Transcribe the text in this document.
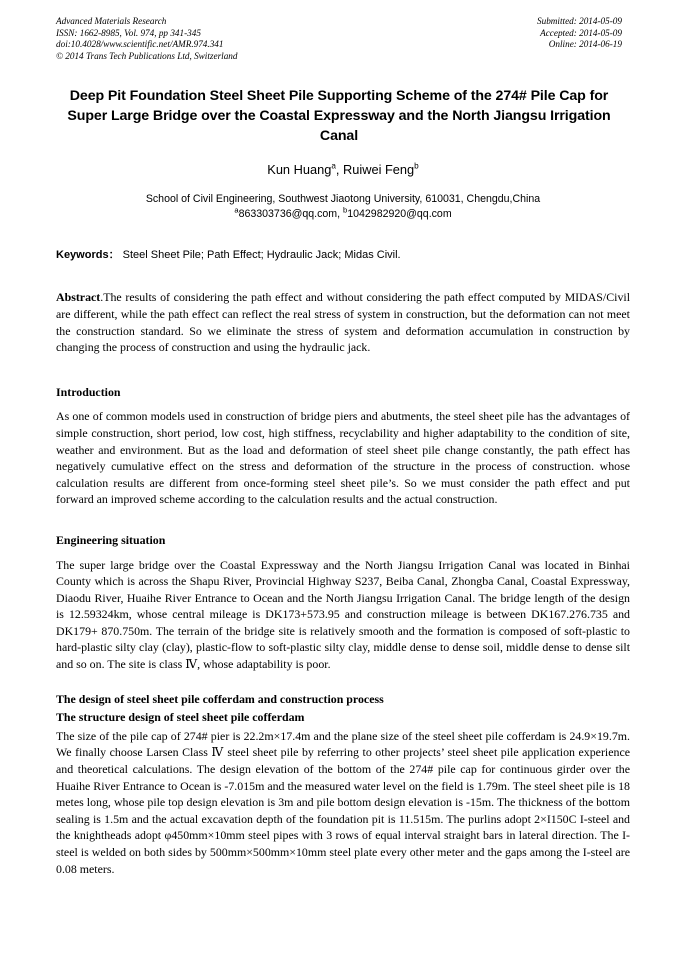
Advanced Materials Research
ISSN: 1662-8985, Vol. 974, pp 341-345
doi:10.4028/www.scientific.net/AMR.974.341
© 2014 Trans Tech Publications Ltd, Switzerland
Submitted: 2014-05-09
Accepted: 2014-05-09
Online: 2014-06-19
Deep Pit Foundation Steel Sheet Pile Supporting Scheme of the 274# Pile Cap for Super Large Bridge over the Coastal Expressway and the North Jiangsu Irrigation Canal
Kun Huang$^a$, Ruiwei Feng$^b$
School of Civil Engineering, Southwest Jiaotong University, 610031, Chengdu,China
$^a$863303736@qq.com, $^b$1042982920@qq.com
Keywords： Steel Sheet Pile; Path Effect; Hydraulic Jack; Midas Civil.

Abstract.The results of considering the path effect and without considering the path effect computed by MIDAS/Civil are different, while the path effect can reflect the real stress of system in construction, but the deformation can not meet the construction standard. So we eliminate the stress of system and deformation accumulation in construction by changing the process of construction and using the hydraulic jack.

Introduction

As one of common models used in construction of bridge piers and abutments, the steel sheet pile has the advantages of simple construction, short period, low cost, high stiffness, recyclability and higher adaptability to the condition of site, weather and environment. But as the load and deformation of steel sheet pile change constantly, the path effect has negatively cumulative effect on the stress and deformation of the structure in the process of construction. whose calculation results are different from once-forming steel sheet pile’s. So we must consider the path effect and put forward an improved scheme according to the calculation results and the actual construction.

Engineering situation

The super large bridge over the Coastal Expressway and the North Jiangsu Irrigation Canal was located in Binhai County which is across the Shapu River, Provincial Highway S237, Beiba Canal, Zhongba Canal, Coastal Expressway, Diaodu River, Huaihe River Entrance to Ocean and the North Jiangsu Irrigation Canal. The bridge length of the design is 12.59324km, whose central mileage is DK173+573.95 and construction mileage is between DK167.276.735 and DK179+ 870.750m. The terrain of the bridge site is relatively smooth and the formation is composed of soft-plastic to hard-plastic silty clay (clay), plastic-flow to soft-plastic silty clay, middle dense to dense soil, middle dense to dense silt and so on. The site is class Ⅳ, whose adaptability is poor.

The design of steel sheet pile cofferdam and construction process
The structure design of steel sheet pile cofferdam

The size of the pile cap of 274# pier is 22.2m×17.4m and the plane size of the steel sheet pile cofferdam is 24.9×19.7m. We finally choose Larsen Class Ⅳ steel sheet pile by referring to other projects’ steel sheet pile application experience and theoretical calculations. The design elevation of the bottom of the 274# pile cap for continuous girder over the Huaihe River Entrance to Ocean is -7.015m and the measured water level on the field is 1.79m. The steel sheet pile is 18 metes long, whose pile top design elevation is 3m and pile bottom design elevation is -15m. The thickness of the bottom sealing is 1.5m and the actual excavation depth of the foundation pit is 11.515m. The purlins adopt 2×I150C I-steel and the knightheads adopt φ450mm×10mm steel pipes with 3 rows of equal interval straight bars in lateral direction. The I-steel is welded on both sides by 500mm×500mm×10mm steel plate every other meter and the gaps among the I-steel are 0.08 meters.
